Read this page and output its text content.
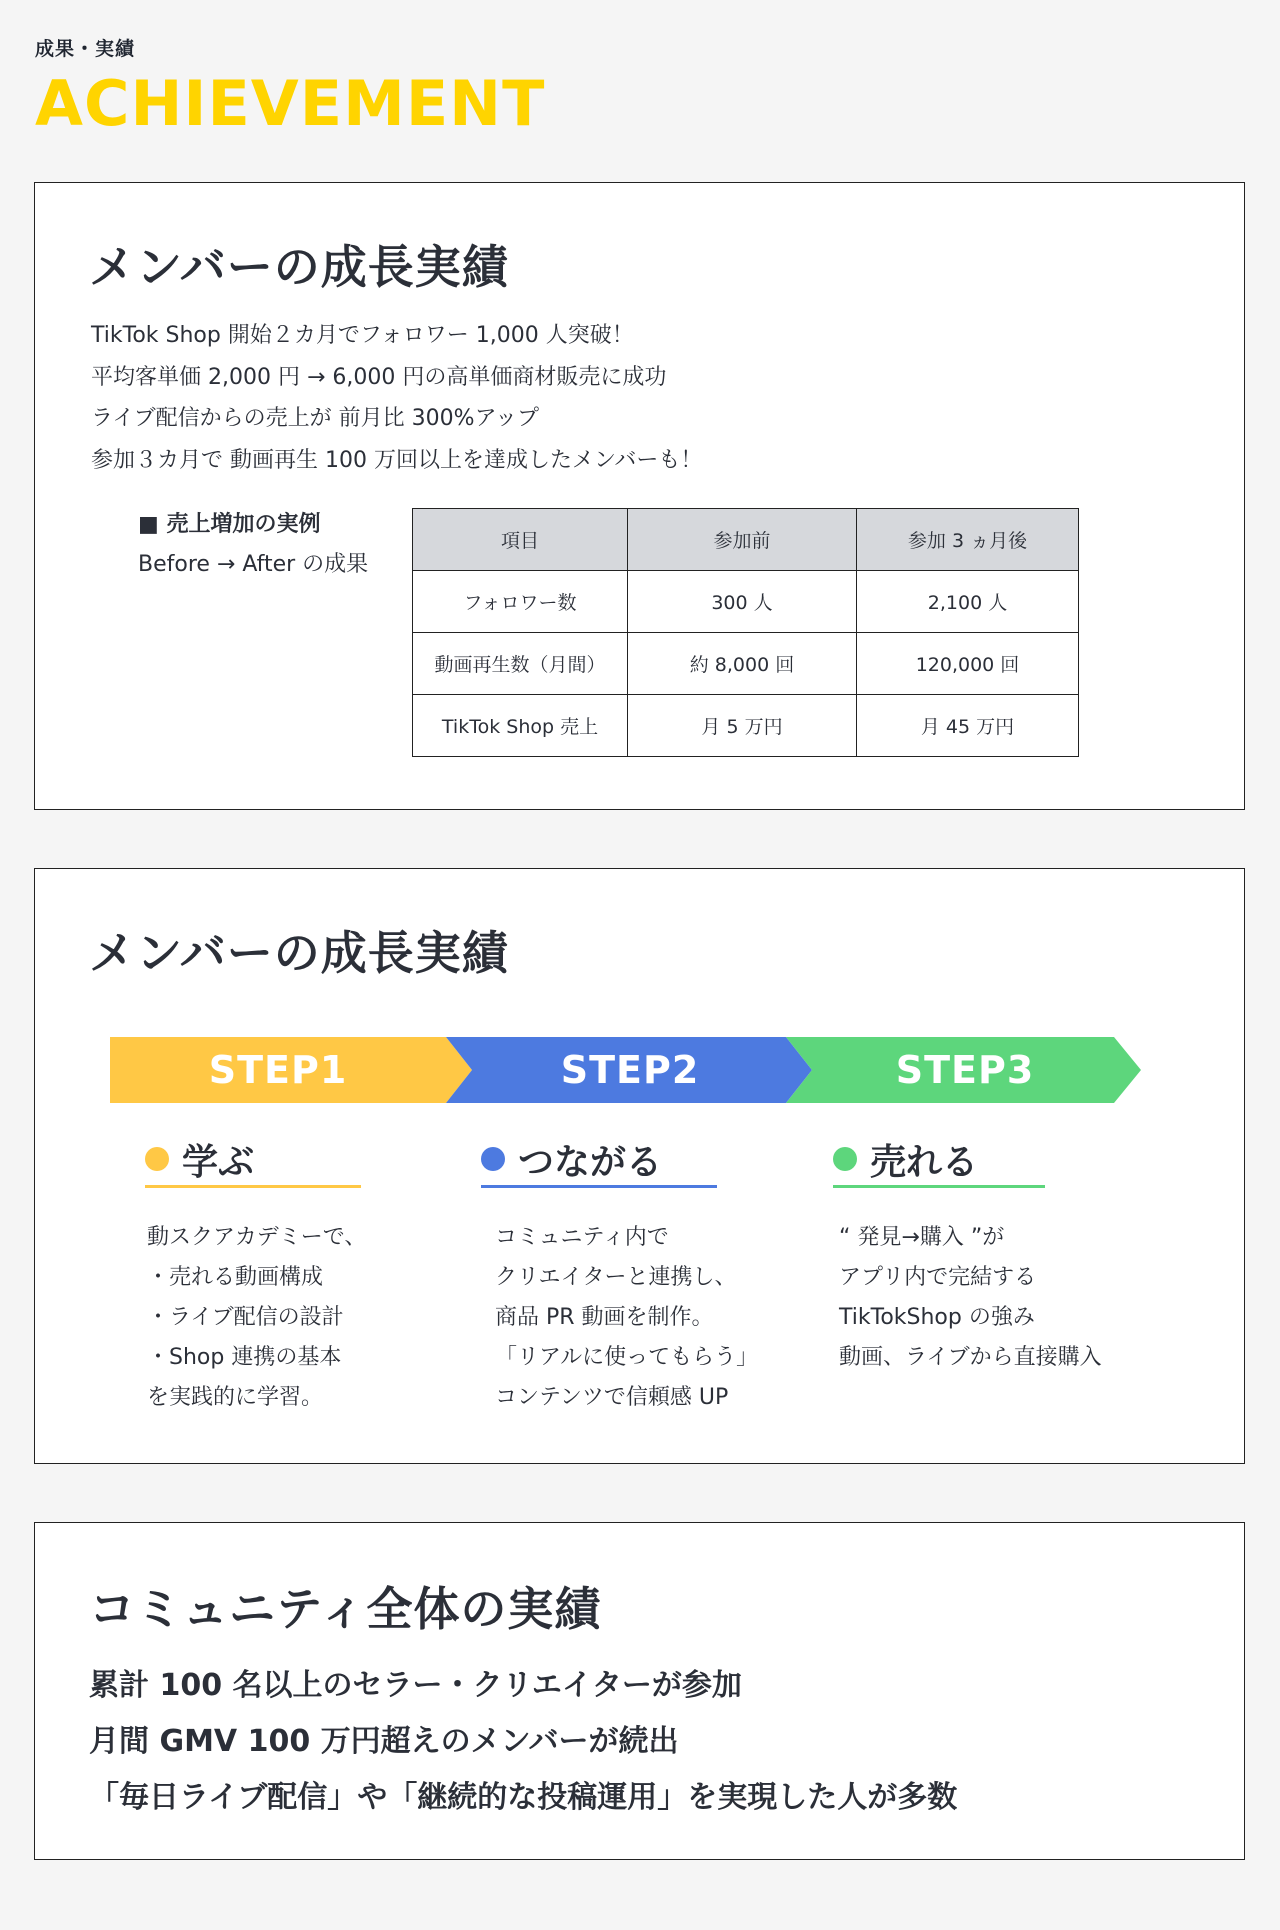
成果・実績
ACHIEVEMENT
メンバーの成長実績
TikTok Shop 開始２カ月でフォロワー 1,000 人突破！
平均客単価 2,000 円 → 6,000 円の高単価商材販売に成功
ライブ配信からの売上が 前月比 300%アップ
参加３カ月で 動画再生 100 万回以上を達成したメンバーも！
■ 売上増加の実例
Before → After の成果
項目	参加前	参加 3 ヵ月後
フォロワー数	300 人	2,100 人
動画再生数（月間）	約 8,000 回	120,000 回
TikTok Shop 売上	月 5 万円	月 45 万円
メンバーの成長実績
STEP1	STEP2	STEP3
学ぶ
動スクアカデミーで、
・売れる動画構成
・ライブ配信の設計
・Shop 連携の基本
を実践的に学習。
つながる
コミュニティ内で
クリエイターと連携し、
商品 PR 動画を制作。
「リアルに使ってもらう」
コンテンツで信頼感 UP
売れる
“ 発見→購入 ”が
アプリ内で完結する
TikTokShop の強み
動画、ライブから直接購入
コミュニティ全体の実績
累計 100 名以上のセラー・クリエイターが参加
月間 GMV 100 万円超えのメンバーが続出
「毎日ライブ配信」や「継続的な投稿運用」を実現した人が多数
